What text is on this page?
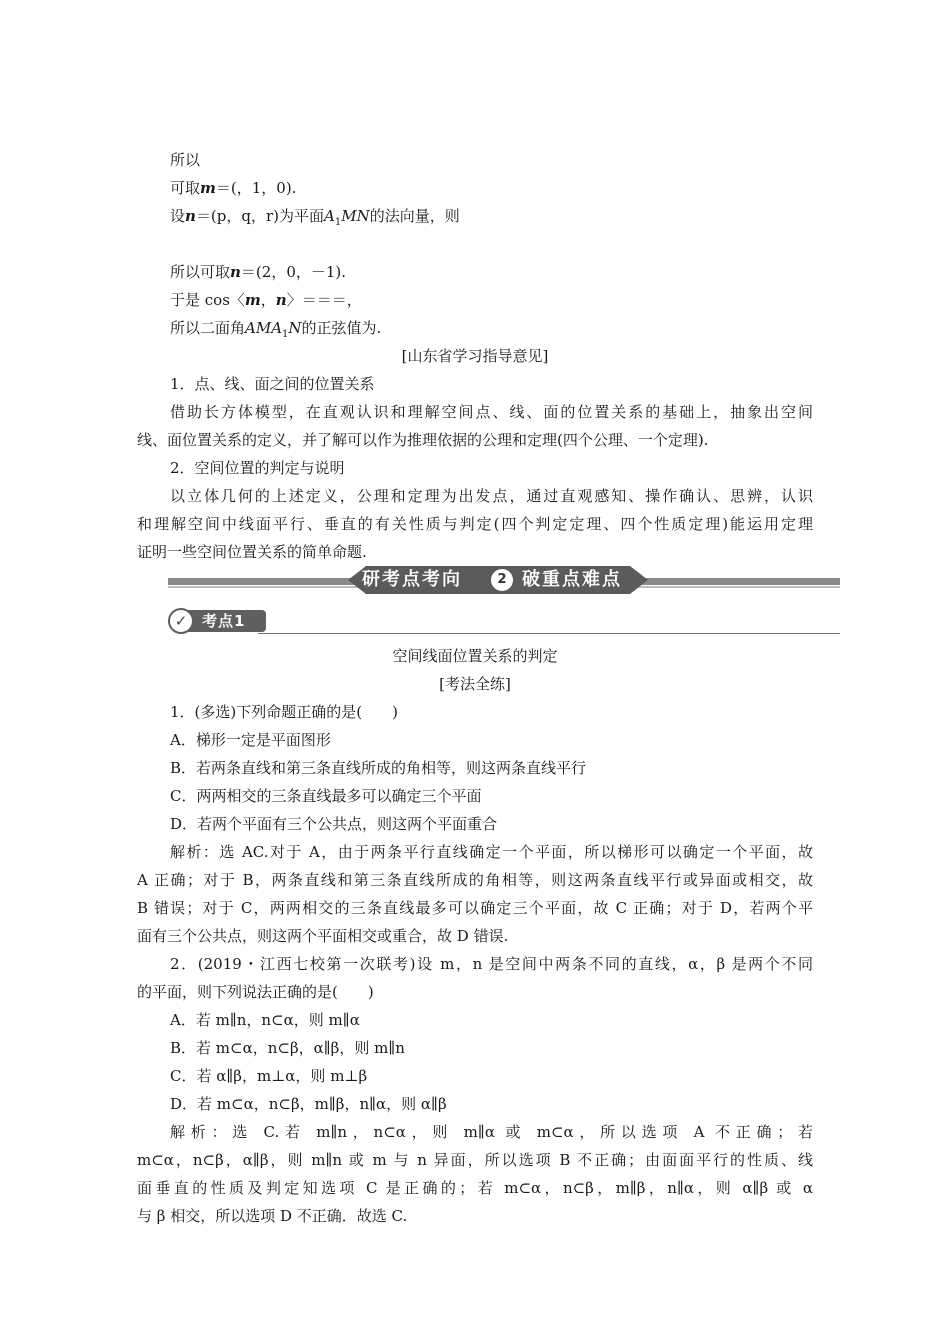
所以
可取m＝(，1，0).
设n＝(p，q，r)为平面$A_1MN$的法向量，则
所以可取n＝(2，0，－1).
于是 cos〈m，n〉＝＝＝，
所以二面角$AMA_1N$的正弦值为.
[山东省学习指导意见]
1．点、线、面之间的位置关系
借助长方体模型，在直观认识和理解空间点、线、面的位置关系的基础上，抽象出空间
线、面位置关系的定义，并了解可以作为推理依据的公理和定理(四个公理、一个定理).
2．空间位置的判定与说明
以立体几何的上述定义，公理和定理为出发点，通过直观感知、操作确认、思辨，认识
和理解空间中线面平行、垂直的有关性质与判定(四个判定定理、四个性质定理)能运用定理
证明一些空间位置关系的简单命题.
研考点考向	2 破重点难点
✓ 考点1
空间线面位置关系的判定
[考法全练]
1．(多选)下列命题正确的是(　　)
A．梯形一定是平面图形
B．若两条直线和第三条直线所成的角相等，则这两条直线平行
C．两两相交的三条直线最多可以确定三个平面
D．若两个平面有三个公共点，则这两个平面重合
解析：选 AC.对于 A，由于两条平行直线确定一个平面，所以梯形可以确定一个平面，故
A 正确；对于 B，两条直线和第三条直线所成的角相等，则这两条直线平行或异面或相交，故
B 错误；对于 C，两两相交的三条直线最多可以确定三个平面，故 C 正确；对于 D，若两个平
面有三个公共点，则这两个平面相交或重合，故 D 错误.
2．(2019・江西七校第一次联考)设 m，n 是空间中两条不同的直线，α，β 是两个不同
的平面，则下列说法正确的是(　　)
A．若 m∥n，n⊂α，则 m∥α
B．若 m⊂α，n⊂β，α∥β，则 m∥n
C．若 α∥β，m⊥α，则 m⊥β
D．若 m⊂α，n⊂β，m∥β，n∥α，则 α∥β
解析：选 C.若 m∥n，n⊂α，则 m∥α 或 m⊂α，所以选项 A 不正确；若
m⊂α，n⊂β，α∥β，则 m∥n 或 m 与 n 异面，所以选项 B 不正确；由面面平行的性质、线
面垂直的性质及判定知选项 C 是正确的；若 m⊂α，n⊂β，m∥β，n∥α，则 α∥β 或 α
与 β 相交，所以选项 D 不正确．故选 C.
